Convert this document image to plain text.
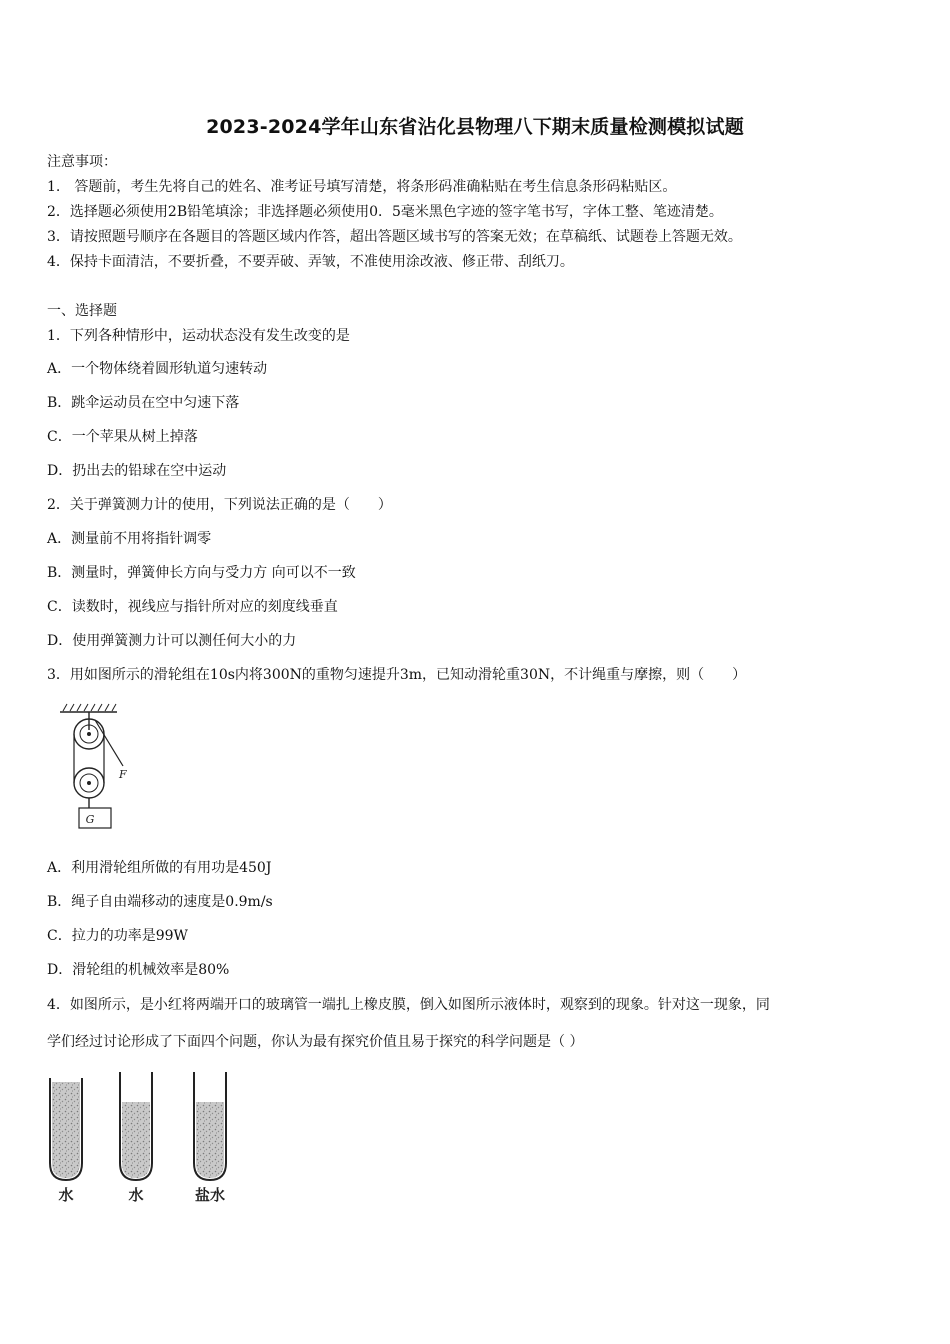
2023-2024学年山东省沾化县物理八下期末质量检测模拟试题
注意事项：
1.　答题前，考生先将自己的姓名、准考证号填写清楚，将条形码准确粘贴在考生信息条形码粘贴区。
2．选择题必须使用2B铅笔填涂；非选择题必须使用0．5毫米黑色字迹的签字笔书写，字体工整、笔迹清楚。
3．请按照题号顺序在各题目的答题区域内作答，超出答题区域书写的答案无效；在草稿纸、试题卷上答题无效。
4．保持卡面清洁，不要折叠，不要弄破、弄皱，不准使用涂改液、修正带、刮纸刀。
一、选择题
1．下列各种情形中，运动状态没有发生改变的是
A．一个物体绕着圆形轨道匀速转动
B．跳伞运动员在空中匀速下落
C．一个苹果从树上掉落
D．扔出去的铅球在空中运动
2．关于弹簧测力计的使用，下列说法正确的是（　　）
A．测量前不用将指针调零
B．测量时，弹簧伸长方向与受力方 向可以不一致
C．读数时，视线应与指针所对应的刻度线垂直
D．使用弹簧测力计可以测任何大小的力
3．用如图所示的滑轮组在10s内将300N的重物匀速提升3m，已知动滑轮重30N，不计绳重与摩擦，则（　　）
F
G
A．利用滑轮组所做的有用功是450J
B．绳子自由端移动的速度是0.9m/s
C．拉力的功率是99W
D．滑轮组的机械效率是80%
4．如图所示，是小红将两端开口的玻璃管一端扎上橡皮膜，倒入如图所示液体时，观察到的现象。针对这一现象，同
学们经过讨论形成了下面四个问题，你认为最有探究价值且易于探究的科学问题是（ ）
水	水	盐水
